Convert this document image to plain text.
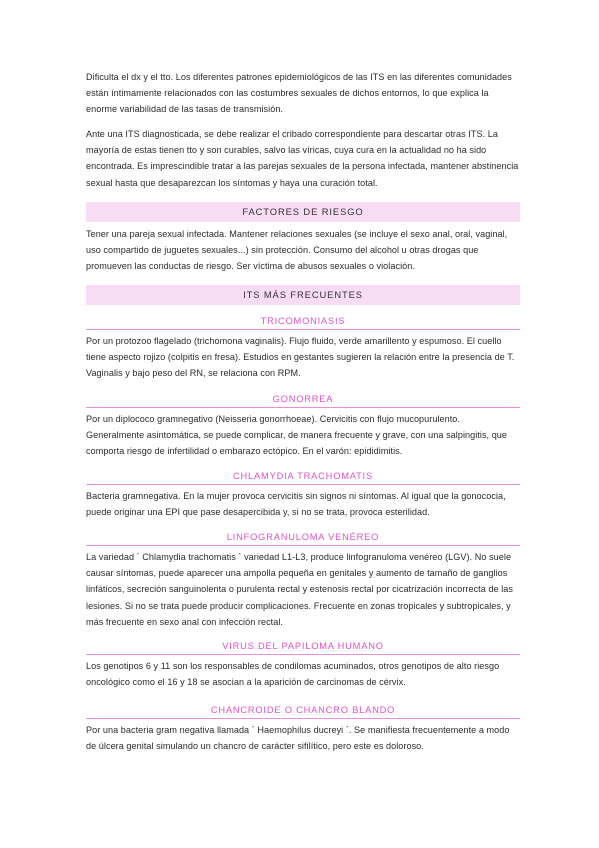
Dificulta el dx y el tto. Los diferentes patrones epidemiológicos de las ITS en las diferentes comunidades están íntimamente relacionados con las costumbres sexuales de dichos entornos, lo que explica la enorme variabilidad de las tasas de transmisión.

Ante una ITS diagnosticada, se debe realizar el cribado correspondiente para descartar otras ITS. La mayoría de estas tienen tto y son curables, salvo las víricas, cuya cura en la actualidad no ha sido encontrada. Es imprescindible tratar a las parejas sexuales de la persona infectada, mantener abstinencia sexual hasta que desaparezcan los síntomas y haya una curación total.

FACTORES DE RIESGO

Tener una pareja sexual infectada. Mantener relaciones sexuales (se incluye el sexo anal, oral, vaginal, uso compartido de juguetes sexuales...) sin protección. Consumo del alcohol u otras drogas que promueven las conductas de riesgo. Ser víctima de abusos sexuales o violación.

ITS MÁS FRECUENTES
TRICOMONIASIS

Por un protozoo flagelado (trichomona vaginalis). Flujo fluido, verde amarillento y espumoso. El cuello tiene aspecto rojizo (colpitis en fresa). Estudios en gestantes sugieren la relación entre la presencia de T. Vaginalis y bajo peso del RN, se relaciona con RPM.

GONORREA

Por un diplococo gramnegativo (Neisseria gonorrhoeae). Cervicitis con flujo mucopurulento. Generalmente asintomática, se puede complicar, de manera frecuente y grave, con una salpingitis, que comporta riesgo de infertilidad o embarazo ectópico. En el varón: epididimitis.

CHLAMYDIA TRACHOMATIS

Bacteria gramnegativa. En la mujer provoca cervicitis sin signos ni síntomas. Al igual que la gonococia, puede originar una EPI que pase desapercibida y, si no se trata, provoca esterilidad.

LINFOGRANULOMA VENÉREO

La variedad ´ Chlamydia trachomatis ´ variedad L1-L3, produce linfogranuloma venéreo (LGV). No suele causar síntomas, puede aparecer una ampolla pequeña en genitales y aumento de tamaño de ganglios linfáticos, secreción sanguinolenta o purulenta rectal y estenosis rectal por cicatrización incorrecta de las lesiones. Si no se trata puede producir complicaciones. Frecuente en zonas tropicales y subtropicales, y más frecuente en sexo anal con infección rectal.

VIRUS DEL PAPILOMA HUMANO

Los genotipos 6 y 11 son los responsables de condilomas acuminados, otros genotipos de alto riesgo oncológico como el 16 y 18 se asocian a la aparición de carcinomas de cérvix.

CHANCROIDE O CHANCRO BLANDO

Por una bacteria gram negativa llamada ´ Haemophilus ducreyi ´. Se manifiesta frecuentemente a modo de úlcera genital simulando un chancro de carácter sifilítico, pero este es doloroso.
